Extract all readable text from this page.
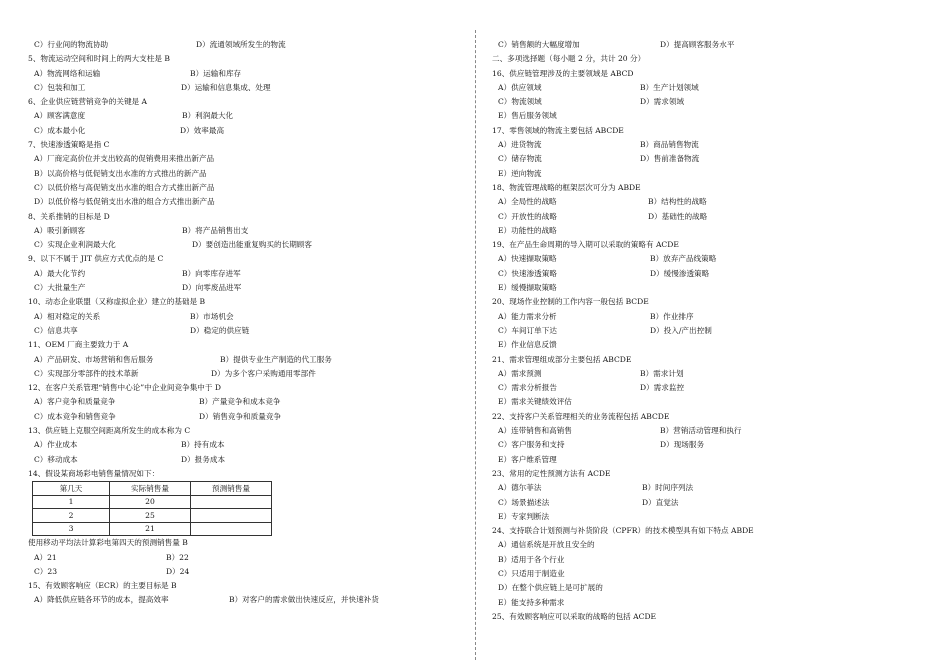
C）行业间的物流协助	D）流通领域所发生的物流
5、物流运动空间和时间上的两大支柱是 B
A）物流网络和运输	B）运输和库存
C）包装和加工	D）运输和信息集成、处理
6、企业供应链营销竞争的关键是 A
A）顾客满意度	B）利润最大化
C）成本最小化	D）效率最高
7、快速渗透策略是指 C
A）厂商定高价位并支出较高的促销费用来推出新产品
B）以高价格与低促销支出水准的方式推出的新产品
C）以低价格与高促销支出水准的组合方式推出新产品
D）以低价格与低促销支出水准的组合方式推出新产品
8、关系推销的目标是 D
A）吸引新顾客	B）将产品销售出支
C）实现企业利润最大化	D）要创造出能重复购买的长期顾客
9、以下不属于 JIT 供应方式优点的是 C
A）最大化节约	B）向零库存进军
C）大批量生产	D）向零废品进军
10、动态企业联盟（又称虚拟企业）建立的基础是 B
A）相对稳定的关系	B）市场机会
C）信息共享	D）稳定的供应链
11、OEM 厂商主要致力于 A
A）产品研发、市场营销和售后服务	B）提供专业生产制造的代工服务
C）实现部分零部件的技术革新	D）为多个客户采购通用零部件
12、在客户关系管理“销售中心论”中企业间竞争集中于 D
A）客户竞争和质量竞争	B）产量竞争和成本竞争
C）成本竞争和销售竞争	D）销售竞争和质量竞争
13、供应链上克服空间距离所发生的成本称为 C
A）作业成本	B）持有成本
C）移动成本	D）报务成本
14、假设某商场彩电销售量情况如下：
第几天	实际销售量	预测销售量
1	20	
2	25	
3	21	
使用移动平均法计算彩电第四天的预测销售量 B
A）21	B）22
C）23	D）24
15、有效顾客响应（ECR）的主要目标是 B
A）降低供应链各环节的成本，提高效率	B）对客户的需求做出快速反应，并快速补货
C）销售额的大幅度增加	D）提高顾客服务水平
二、多项选择题（每小题 2 分，共计 20 分）
16、供应链管理涉及的主要领域是 ABCD
A）供应领域	B）生产计划领域
C）物流领域	D）需求领域
E）售后服务领域
17、零售领域的物流主要包括 ABCDE
A）进货物流	B）商品销售物流
C）储存物流	D）售前准备物流
E）逆向物流
18、物流管理战略的框架层次可分为 ABDE
A）全局性的战略	B）结构性的战略
C）开放性的战略	D）基础性的战略
E）功能性的战略
19、在产品生命周期的导入期可以采取的策略有 ACDE
A）快速撷取策略	B）放弃产品线策略
C）快速渗透策略	D）缓慢渗透策略
E）缓慢撷取策略
20、现场作业控制的工作内容一般包括 BCDE
A）能力需求分析	B）作业排序
C）车间订单下达	D）投入/产出控制
E）作业信息反馈
21、需求管理组成部分主要包括 ABCDE
A）需求预测	B）需求计划
C）需求分析报告	D）需求监控
E）需求关键绩效评估
22、支持客户关系管理相关的业务流程包括 ABCDE
A）连带销售和高销售	B）营销活动管理和执行
C）客户服务和支持	D）现场服务
E）客户维系管理
23、常用的定性预测方法有 ACDE
A）德尔菲法	B）时间序列法
C）场景描述法	D）直觉法
E）专家判断法
24、支持联合计划预测与补货阶段（CPFR）的技术模型具有如下特点 ABDE
A）通信系统是开放且安全的
B）适用于各个行业
C）只适用于制造业
D）在整个供应链上是可扩展的
E）能支持多种需求
25、有效顾客响应可以采取的战略的包括 ACDE
